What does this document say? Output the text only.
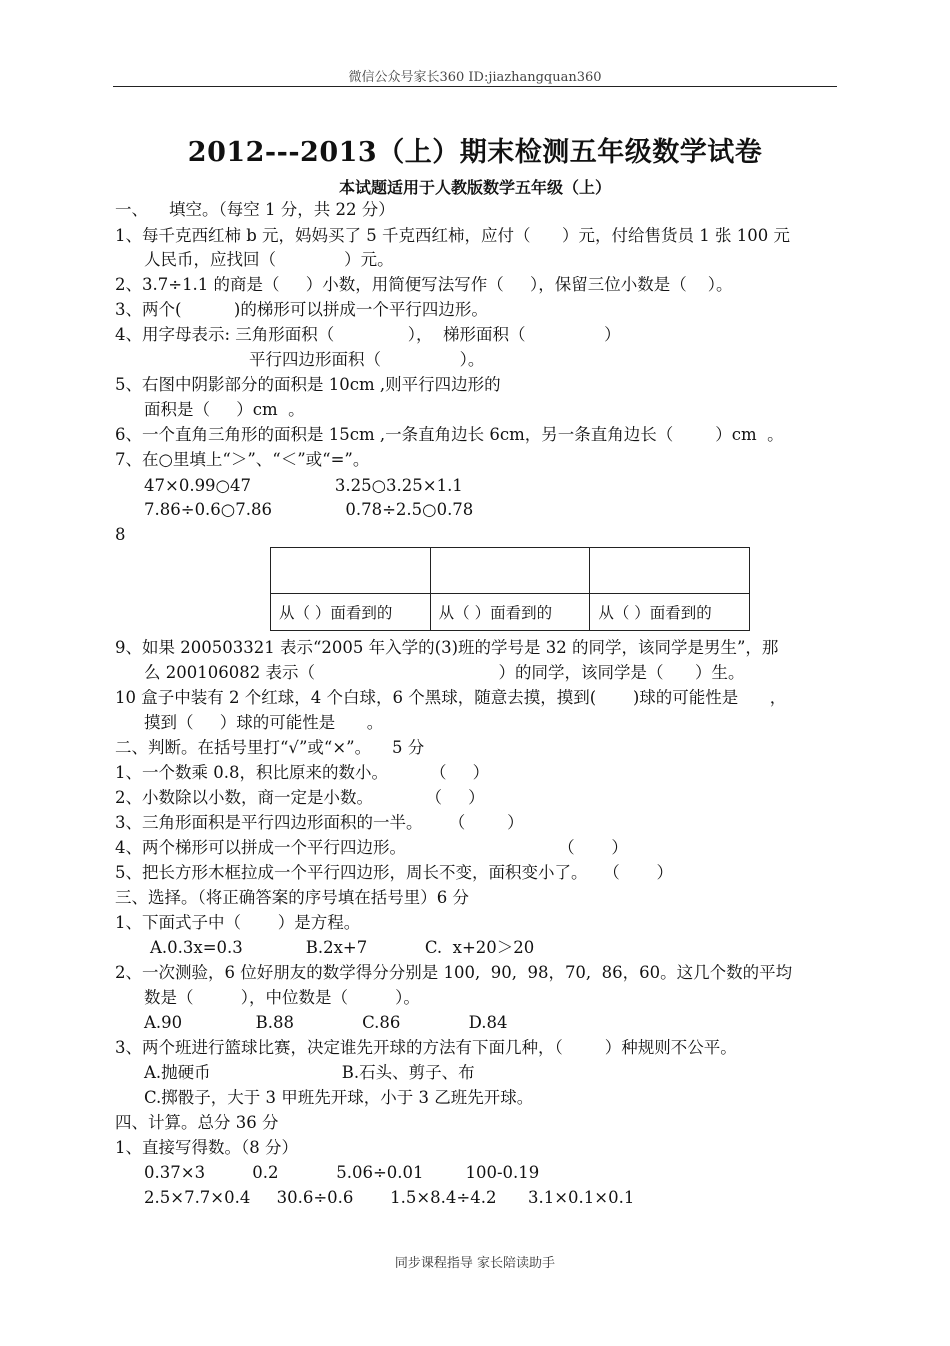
微信公众号家长360 ID:jiazhangquan360
2012---2013（上）期末检测五年级数学试卷
本试题适用于人教版数学五年级（上）
一、    填空。（每空 1 分，共 22 分）
1、每千克西红柿 b 元，妈妈买了 5 千克西红柿，应付（      ）元，付给售货员 1 张 100 元
人民币，应找回（             ）元。
2、3.7÷1.1 的商是（     ）小数，用简便写法写作（     ），保留三位小数是（    ）。
3、两个(          )的梯形可以拼成一个平行四边形。
4、用字母表示: 三角形面积（              ），  梯形面积（               ）
平行四边形面积（               ）。
5、右图中阴影部分的面积是 10cm ,则平行四边形的
面积是（     ）cm  。
6、一个直角三角形的面积是 15cm ,一条直角边长 6cm，另一条直角边长（        ）cm  。
7、在○里填上“＞”、“＜”或“=”。
47×0.99○47                3.25○3.25×1.1
7.86÷0.6○7.86              0.78÷2.5○0.78
8

从（ ）面看到的	从（ ）面看到的	从（ ）面看到的
9、如果 200503321 表示“2005 年入学的(3)班的学号是 32 的同学，该同学是男生”，那
么 200106082 表示（                                   ）的同学，该同学是（      ）生。
10 盒子中装有 2 个红球，4 个白球，6 个黑球，随意去摸，摸到(       )球的可能性是      ，
摸到（     ）球的可能性是      。
二、判断。在括号里打“√”或“×”。    5 分
1、一个数乘 0.8，积比原来的数小。        （     ）
2、小数除以小数，商一定是小数。          （     ）
3、三角形面积是平行四边形面积的一半。     （        ）
4、两个梯形可以拼成一个平行四边形。                             （       ）
5、把长方形木框拉成一个平行四边形，周长不变，面积变小了。   （       ）
三、选择。（将正确答案的序号填在括号里）6 分
1、下面式子中（       ）是方程。
A.0.3x=0.3            B.2x+7           C.  x+20＞20
2、一次测验，6 位好朋友的数学得分分别是 100,  90,  98，70,  86，60。这几个数的平均
数是（         ），中位数是（         ）。
A.90              B.88             C.86             D.84
3、两个班进行篮球比赛，决定谁先开球的方法有下面几种，（        ）种规则不公平。
A.抛硬币                         B.石头、剪子、布
C.掷骰子，大于 3 甲班先开球，小于 3 乙班先开球。
四、计算。总分 36 分
1、直接写得数。（8 分）
0.37×3         0.2           5.06÷0.01        100-0.19
2.5×7.7×0.4     30.6÷0.6       1.5×8.4÷4.2      3.1×0.1×0.1
同步课程指导 家长陪读助手
